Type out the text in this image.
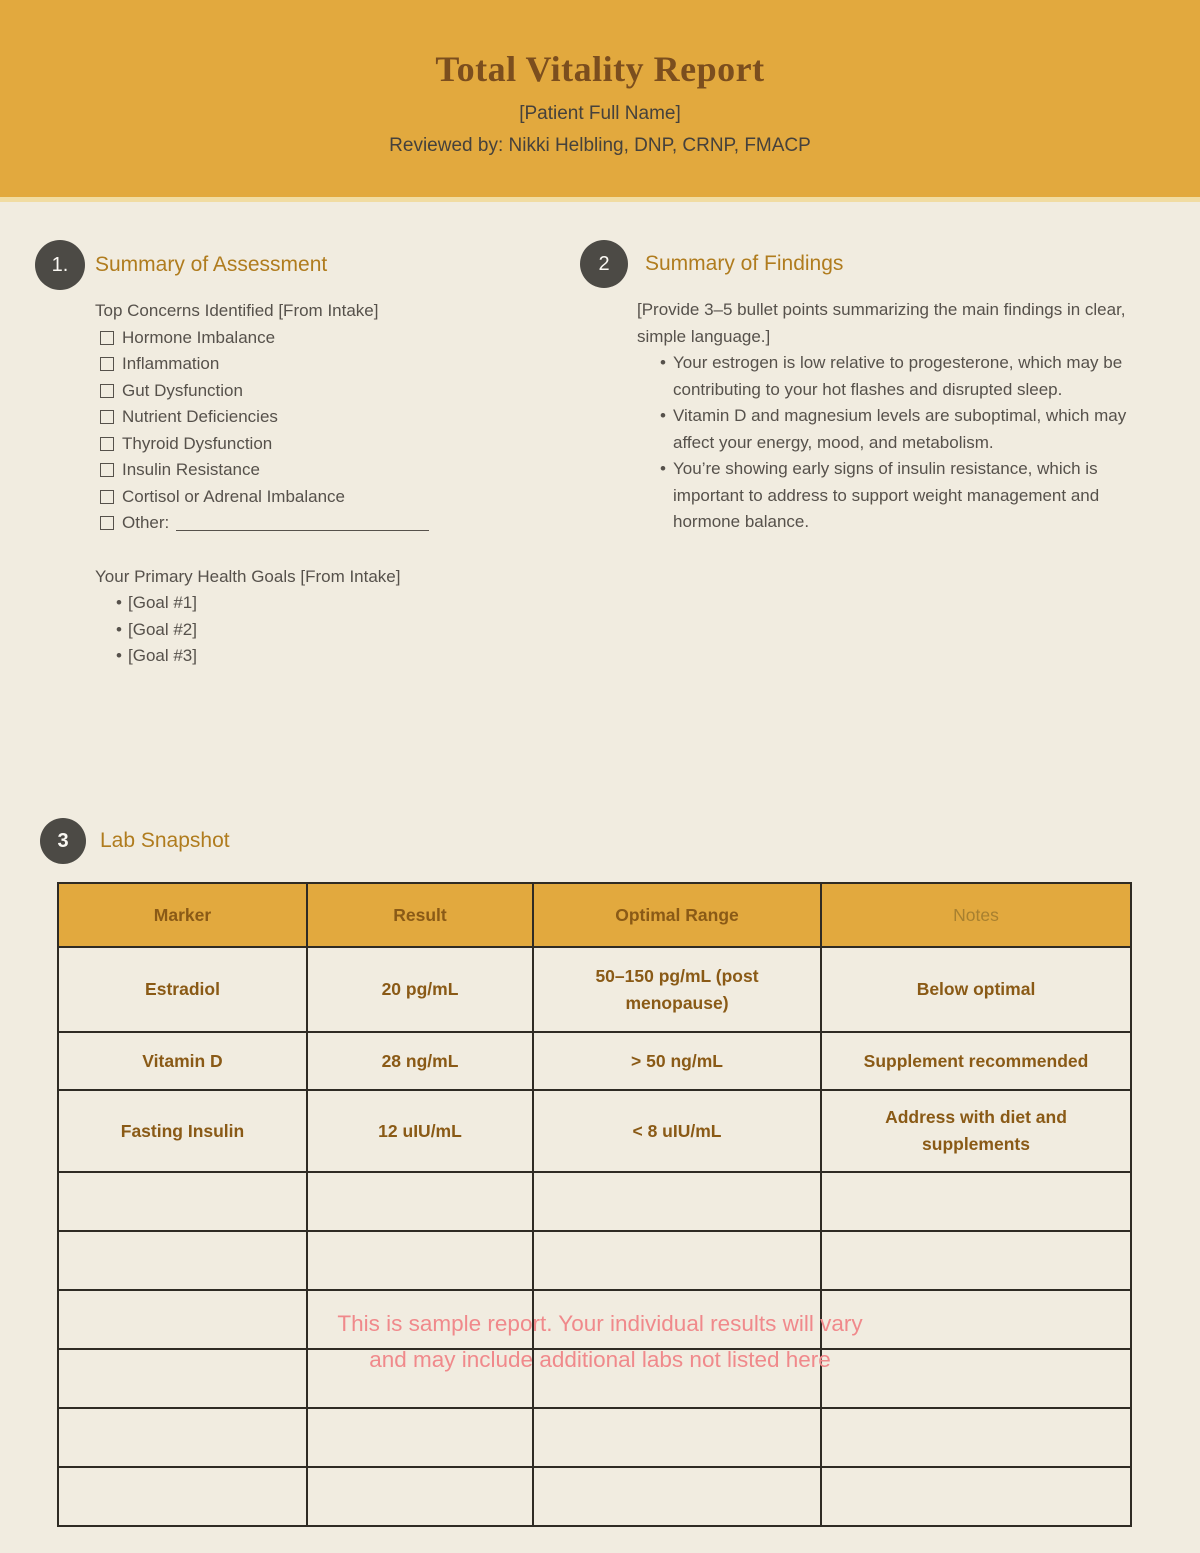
Total Vitality Report
[Patient Full Name]
Reviewed by: Nikki Helbling, DNP, CRNP, FMACP
1.	Summary of Assessment
Top Concerns Identified [From Intake]
Hormone Imbalance
Inflammation
Gut Dysfunction
Nutrient Deficiencies
Thyroid Dysfunction
Insulin Resistance
Cortisol or Adrenal Imbalance
Other:
Your Primary Health Goals [From Intake]
• [Goal #1]
• [Goal #2]
• [Goal #3]
2	Summary of Findings
[Provide 3–5 bullet points summarizing the main findings in clear, simple language.]
• Your estrogen is low relative to progesterone, which may be contributing to your hot flashes and disrupted sleep.
• Vitamin D and magnesium levels are suboptimal, which may affect your energy, mood, and metabolism.
• You’re showing early signs of insulin resistance, which is important to address to support weight management and hormone balance.
3	Lab Snapshot
Marker	Result	Optimal Range	Notes
Estradiol	20 pg/mL	50–150 pg/mL (post menopause)	Below optimal
Vitamin D	28 ng/mL	> 50 ng/mL	Supplement recommended
Fasting Insulin	12 uIU/mL	< 8 uIU/mL	Address with diet and supplements

This is sample report. Your individual results will vary
and may include additional labs not listed here
